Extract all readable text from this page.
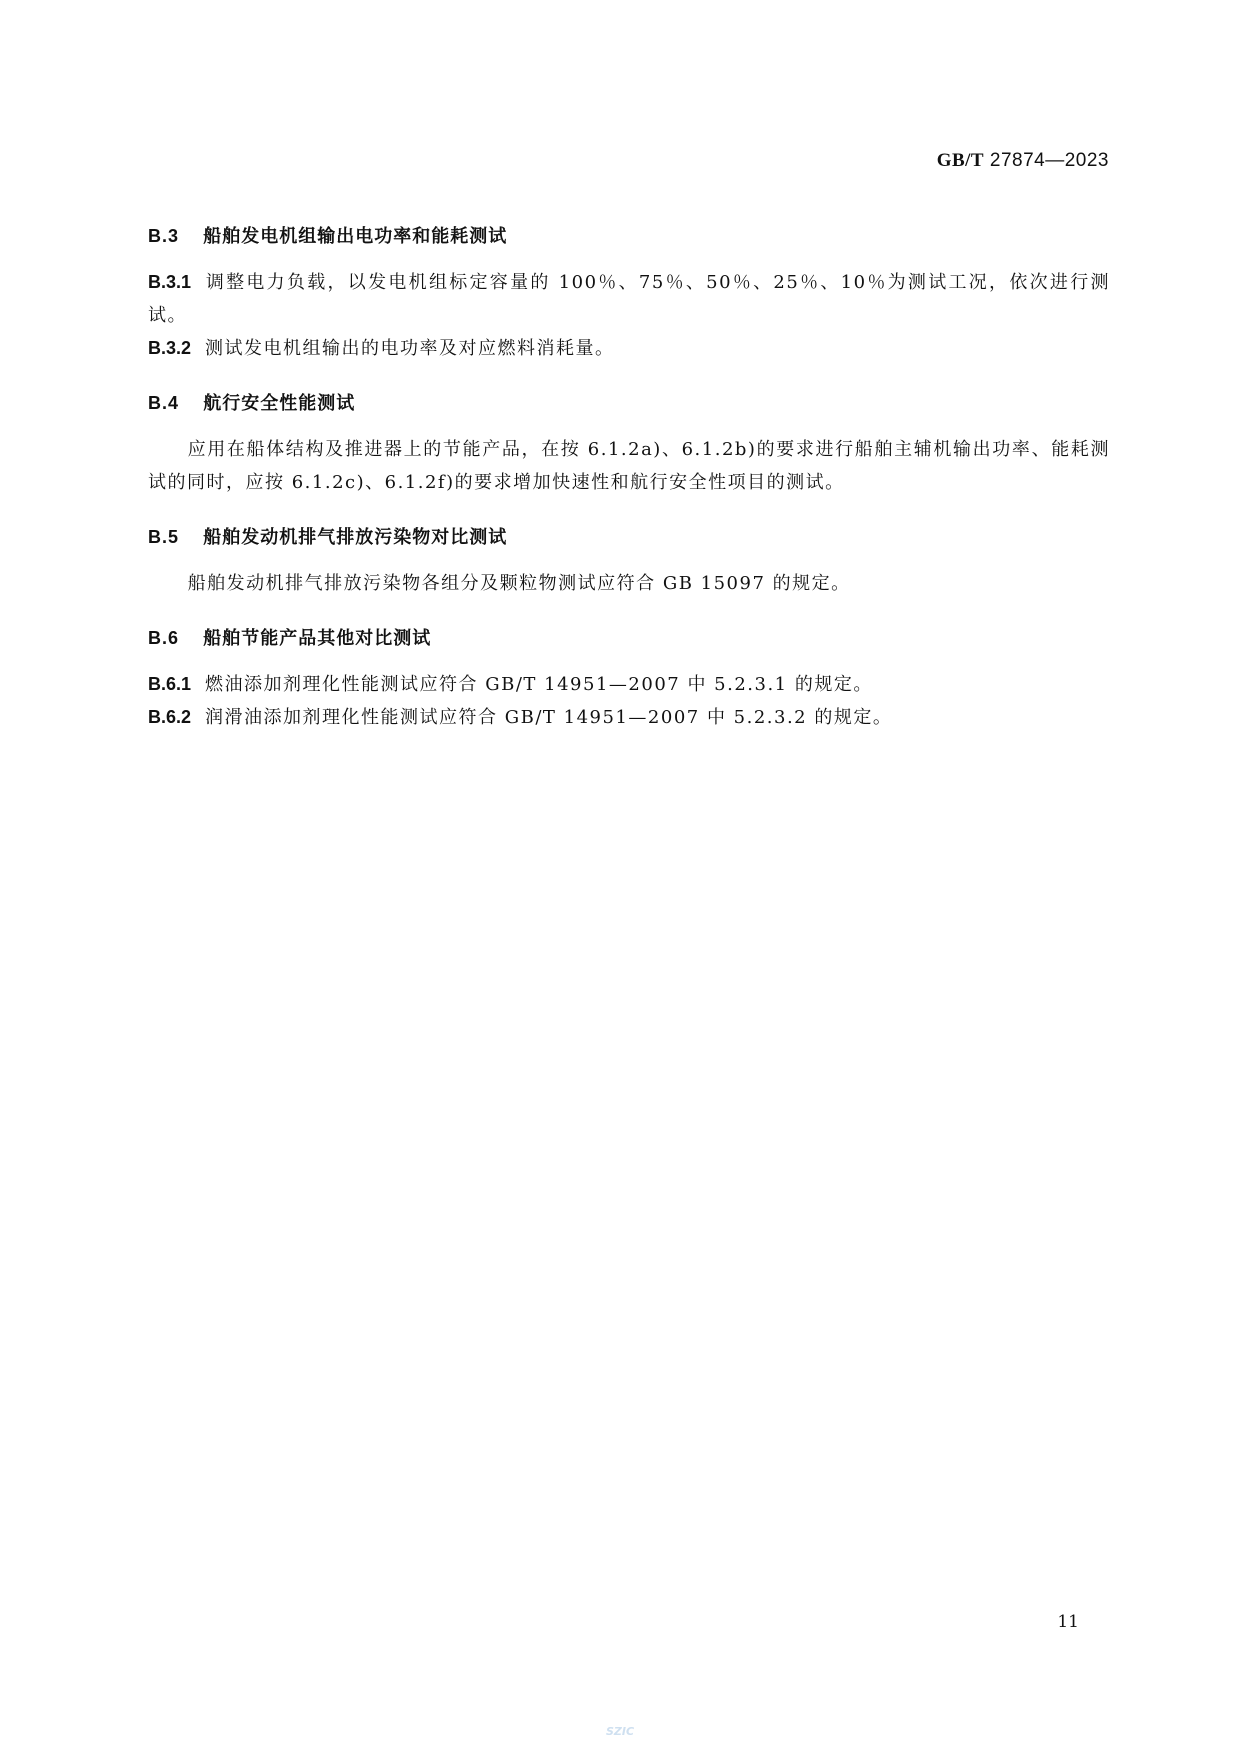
GB/T 27874—2023
B.3 船舶发电机组输出电功率和能耗测试

B.3.1 调整电力负载，以发电机组标定容量的 100％、75％、50％、25％、10％为测试工况，依次进行测试。

B.3.2 测试发电机组输出的电功率及对应燃料消耗量。

B.4 航行安全性能测试

应用在船体结构及推进器上的节能产品，在按 6.1.2a)、6.1.2b)的要求进行船舶主辅机输出功率、能耗测试的同时，应按 6.1.2c)、6.1.2f)的要求增加快速性和航行安全性项目的测试。

B.5 船舶发动机排气排放污染物对比测试

船舶发动机排气排放污染物各组分及颗粒物测试应符合 GB 15097 的规定。

B.6 船舶节能产品其他对比测试

B.6.1 燃油添加剂理化性能测试应符合 GB/T 14951—2007 中 5.2.3.1 的规定。

B.6.2 润滑油添加剂理化性能测试应符合 GB/T 14951—2007 中 5.2.3.2 的规定。

11
SZIC
